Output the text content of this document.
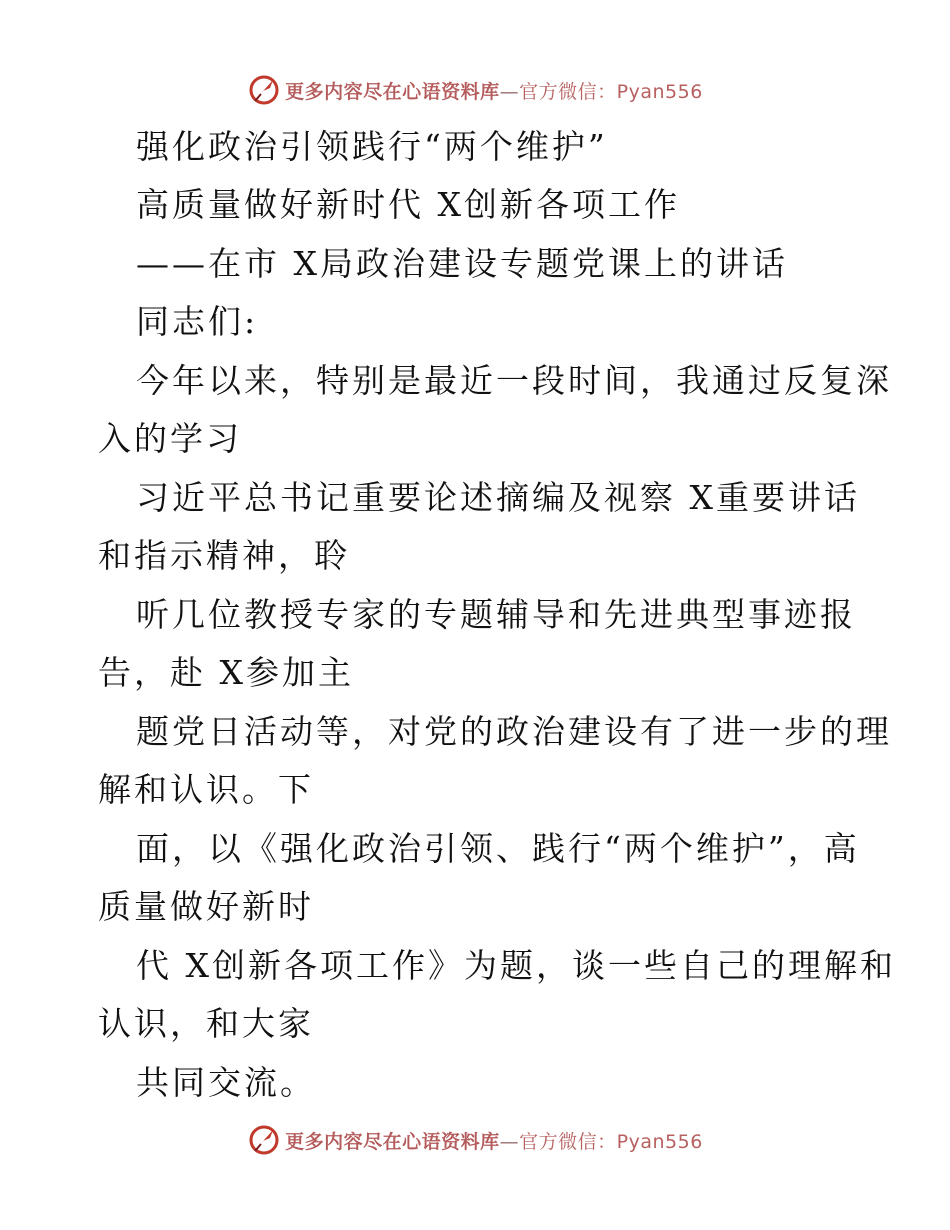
更多内容尽在心语资料库—官方微信：Pyan556
强化政治引领践行“两个维护”
高质量做好新时代 X创新各项工作
——在市 X局政治建设专题党课上的讲话
同志们:
今年以来，特别是最近一段时间，我通过反复深
入的学习
习近平总书记重要论述摘编及视察 X重要讲话
和指示精神，聆
听几位教授专家的专题辅导和先进典型事迹报
告，赴 X参加主
题党日活动等，对党的政治建设有了进一步的理
解和认识。下
面，以《强化政治引领、践行“两个维护”，高
质量做好新时
代 X创新各项工作》为题，谈一些自己的理解和
认识，和大家
共同交流。
更多内容尽在心语资料库—官方微信：Pyan556
